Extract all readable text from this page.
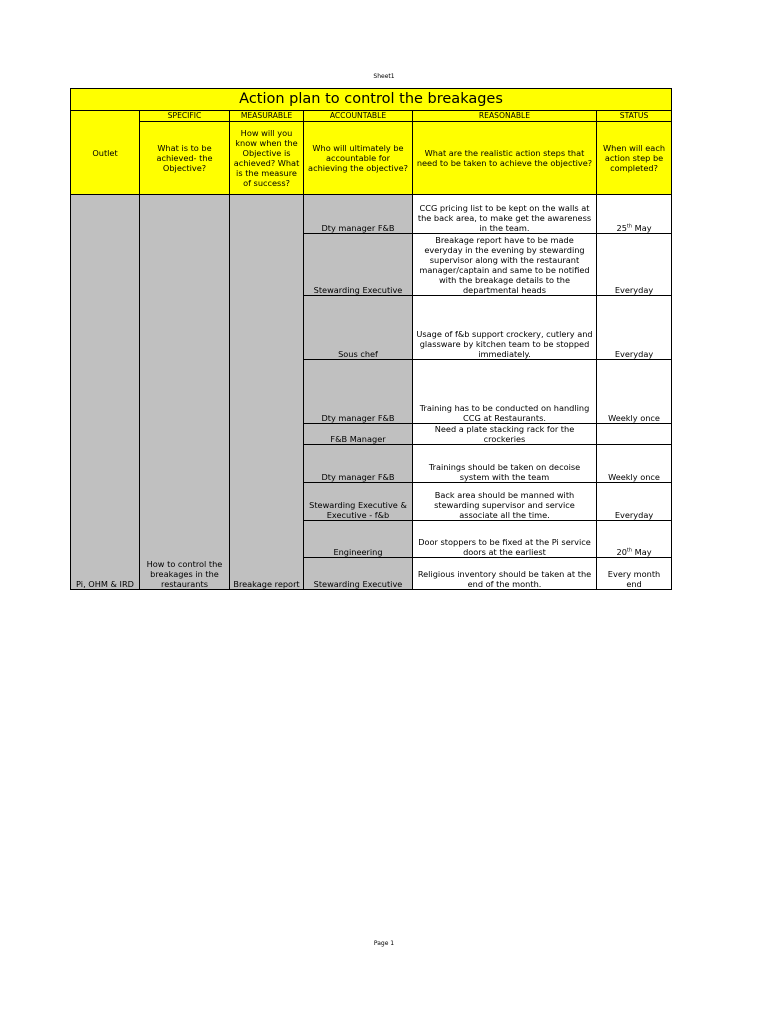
Sheet1
Action plan to control the breakages					
Outlet	SPECIFIC	MEASURABLE	ACCOUNTABLE	REASONABLE	STATUS
	What is to be achieved- the Objective?	How will you know when the Objective is achieved? What is the measure of success?	Who will ultimately be accountable for achieving the objective?	What are the realistic action steps that need to be taken to achieve the objective?	When will each action step be completed?
Pi, OHM & IRD	How to control the breakages in the restaurants	Breakage report	Dty manager F&B	CCG pricing list to be kept on the walls at the back area, to make get the awareness in the team.	25th May
			Stewarding Executive	Breakage report have to be made everyday in the evening by stewarding supervisor along with the restaurant manager/captain and same to be notified with the breakage details to the departmental heads	Everyday
			Sous chef	Usage of f&b support crockery, cutlery and glassware by kitchen team to be stopped immediately.	Everyday
			Dty manager F&B	Training has to be conducted on handling CCG at Restaurants.	Weekly once
			F&B Manager	Need a plate stacking rack for the crockeries	
			Dty manager F&B	Trainings should be taken on decoise system with the team	Weekly once
			Stewarding Executive & Executive - f&b	Back area should be manned with stewarding supervisor and service associate all the time.	Everyday
			Engineering	Door stoppers to be fixed at the Pi service doors at the earliest	20th May
			Stewarding Executive	Religious inventory should be taken at the end of the month.	Every month end
Page 1
